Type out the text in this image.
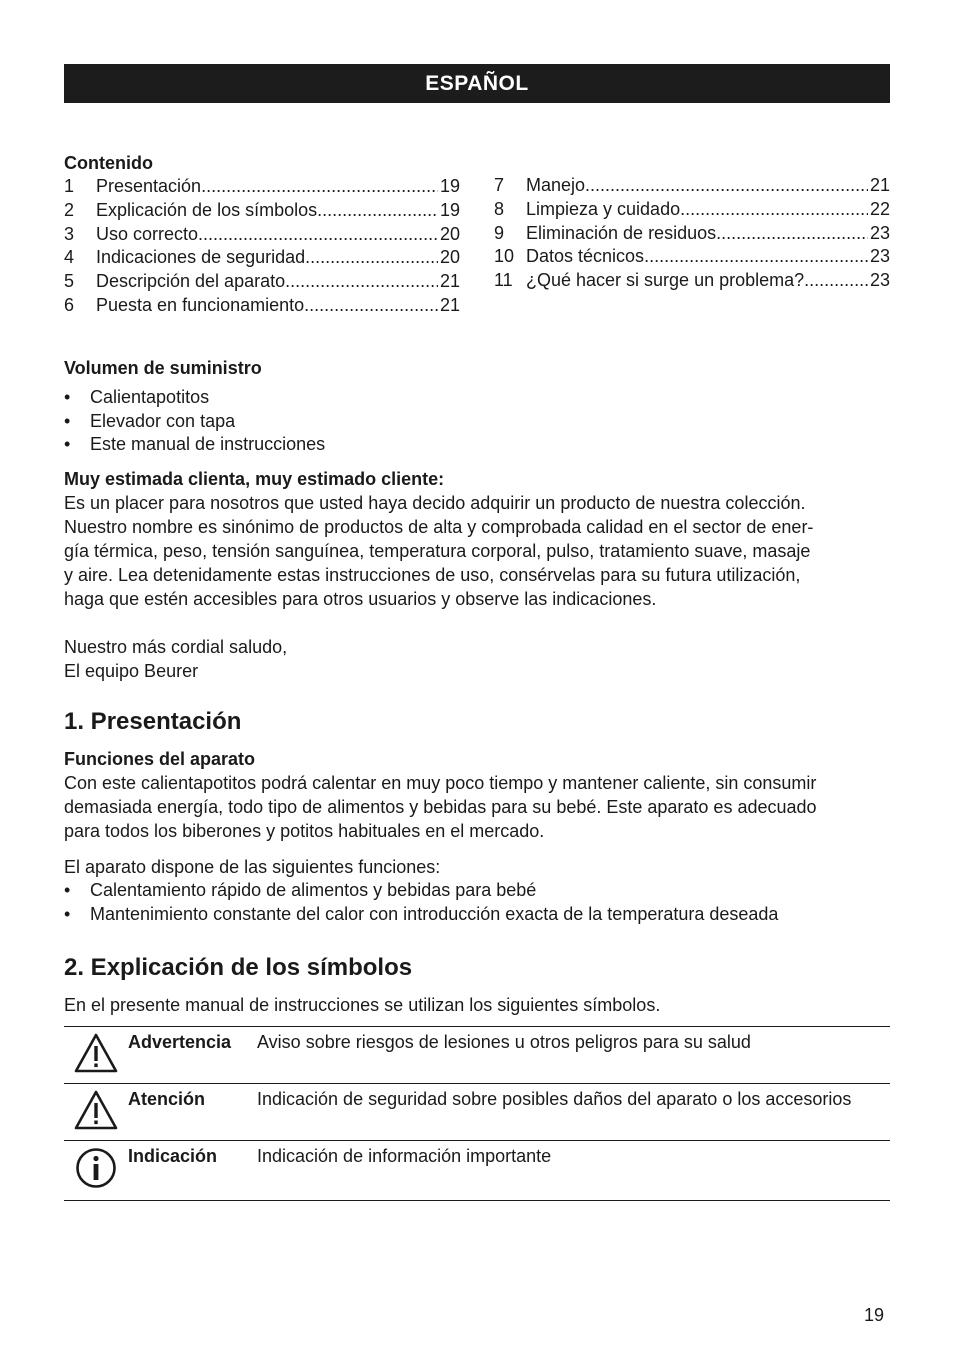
ESPAÑOL
Contenido
1	Presentación .....	19
2	Explicación de los símbolos .....	19
3	Uso correcto .....	20
4	Indicaciones de seguridad .....	20
5	Descripción del aparato .....	21
6	Puesta en funcionamiento .....	21
7	Manejo .....	21
8	Limpieza y cuidado .....	22
9	Eliminación de residuos .....	23
10 Datos técnicos .....	23
11 ¿Qué hacer si surge un problema? .....	23
Volumen de suministro
• Calientapotitos
• Elevador con tapa
• Este manual de instrucciones
Muy estimada clienta, muy estimado cliente:

Es un placer para nosotros que usted haya decido adquirir un producto de nuestra colección.

Nuestro nombre es sinónimo de productos de alta y comprobada calidad en el sector de ener-

gía térmica, peso, tensión sanguínea, temperatura corporal, pulso, tratamiento suave, masaje

y aire. Lea detenidamente estas instrucciones de uso, consérvelas para su futura utilización,

haga que estén accesibles para otros usuarios y observe las indicaciones.

Nuestro más cordial saludo,

El equipo Beurer

1. Presentación
Funciones del aparato

Con este calientapotitos podrá calentar en muy poco tiempo y mantener caliente, sin consumir

demasiada energía, todo tipo de alimentos y bebidas para su bebé. Este aparato es adecuado

para todos los biberones y potitos habituales en el mercado.

El aparato dispone de las siguientes funciones:

• Calentamiento rápido de alimentos y bebidas para bebé
• Mantenimiento constante del calor con introducción exacta de la temperatura deseada
2. Explicación de los símbolos

En el presente manual de instrucciones se utilizan los siguientes símbolos.

Advertencia	Aviso sobre riesgos de lesiones u otros peligros para su salud
Atención	Indicación de seguridad sobre posibles daños del aparato o los accesorios
Indicación	Indicación de información importante
19
